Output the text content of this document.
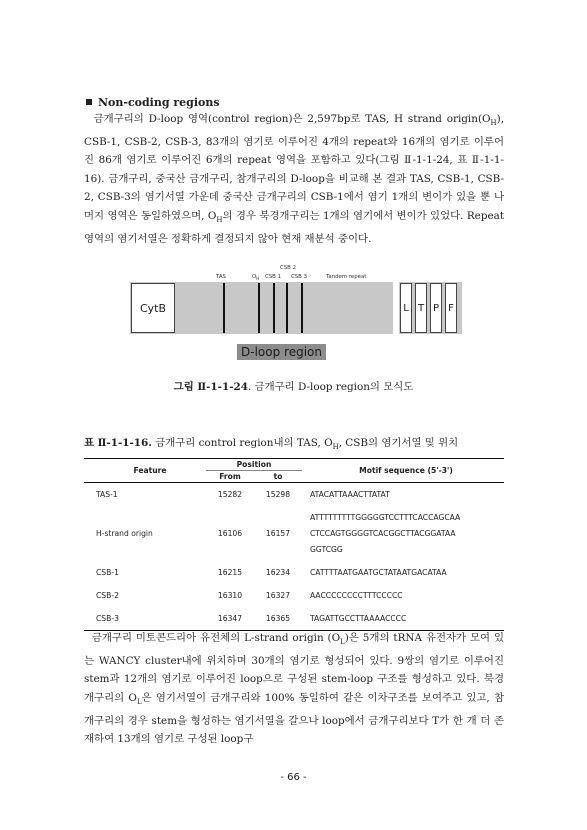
Non-coding regions

금개구리의 D-loop 영역(control region)은 2,597bp로 TAS, H strand $origin(O_H)$, CSB-1, CSB-2, CSB-3, 83개의 염기로 이루어진 4개의 repeat와 16개의 염기로 이루어진 86개 염기로 이루어진 6개의 repeat 영역을 포함하고 있다(그림 Ⅱ-1-1-24, 표 Ⅱ-1-1-16). 금개구리, 중국산 금개구리, 참개구리의 D-loop을 비교해 본 결과 TAS, CSB-1, CSB-2, CSB-3의 염기서열 가운데 중국산 금개구리의 CSB-1에서 염기 1개의 변이가 있을 뿐 나머지 영역은 동일하였으며, $O_H$의 경우 북경개구리는 1개의 염기에서 변이가 있었다. Repeat 영역의 염기서열은 정확하게 결정되지 않아 현재 재분석 중이다.

CSB 2
TAS	$O_H$ CSB 1 CSB 3	Tandem repeat
CytB	L T P F
D-loop region
그림 Ⅱ-1-1-24. 금개구리 D-loop region의 모식도
표 Ⅱ-1-1-16. 금개구리 control region내의 TAS, $O_H$, CSB의 염기서열 및 위치
Feature	Position		Motif sequence (5'-3')
	From	to	
TAS-1	15282	15298	ATACATTAAACTTATAT

H-strand origin	16106	16157	ATTTTTTTTTGGGGGTCCTTTCACCAGCAA
CTCCAGTGGGGTCACGGCTTACGGATAA
GGTCGG

CSB-1	16215	16234	CATTTTAATGAATGCTATAATGACATAA

CSB-2	16310	16327	AACCCCCCCCTTTCCCCC

CSB-3	16347	16365	TAGATTGCCTTAAAACCCC

금개구리 미토콘드리아 유전체의 L-strand origin $(O_L)$은 5개의 tRNA 유전자가 모여 있는 WANCY cluster내에 위치하며 30개의 염기로 형성되어 있다. 9쌍의 염기로 이루어진 stem과 12개의 염기로 이루어진 loop으로 구성된 stem-loop 구조를 형성하고 있다. 북경개구리의 $O_L$은 염기서열이 금개구리와 100% 동일하여 같은 이차구조를 보여주고 있고, 참개구리의 경우 stem을 형성하는 염기서열을 갈으나 loop에서 금개구리보다 T가 한 개 더 존재하여 13개의 염기로 구성된 loop구

- 66 -
